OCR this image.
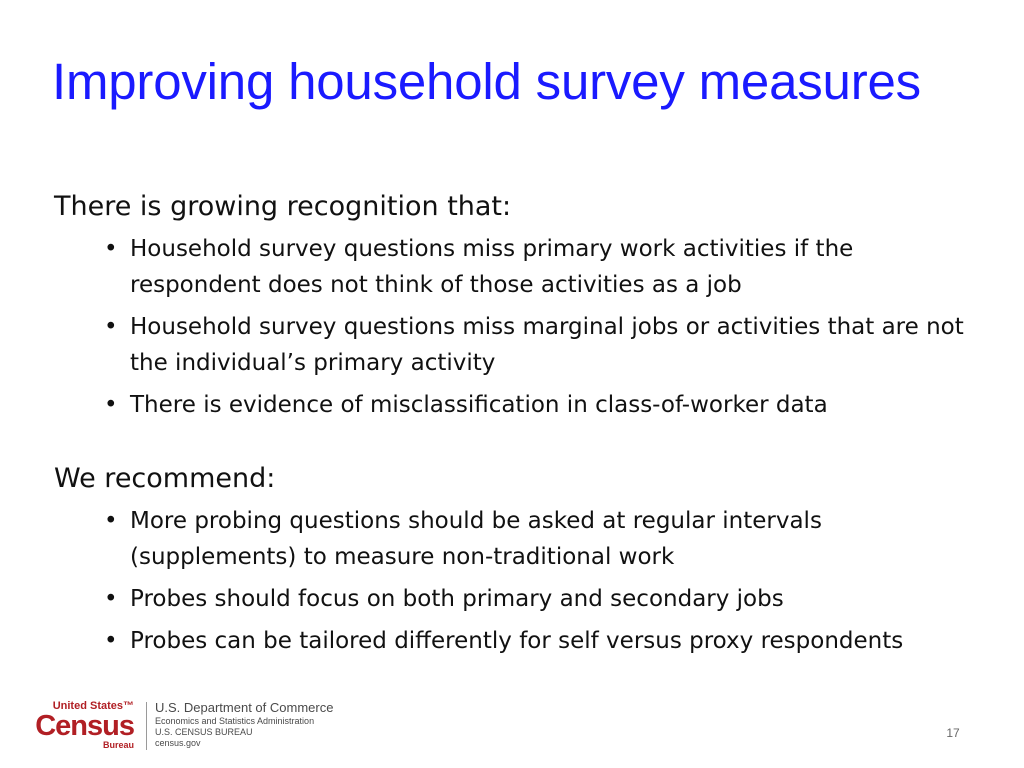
Improving household survey measures

There is growing recognition that:

• Household survey questions miss primary work activities if the respondent does not think of those activities as a job
• Household survey questions miss marginal jobs or activities that are not the individual’s primary activity
• There is evidence of misclassification in class-of-worker data

We recommend:

• More probing questions should be asked at regular intervals (supplements) to measure non-traditional work
• Probes should focus on both primary and secondary jobs
• Probes can be tailored differently for self versus proxy respondents
United States™
Census
Bureau
U.S. Department of Commerce
Economics and Statistics Administration
U.S. CENSUS BUREAU
census.gov
17
